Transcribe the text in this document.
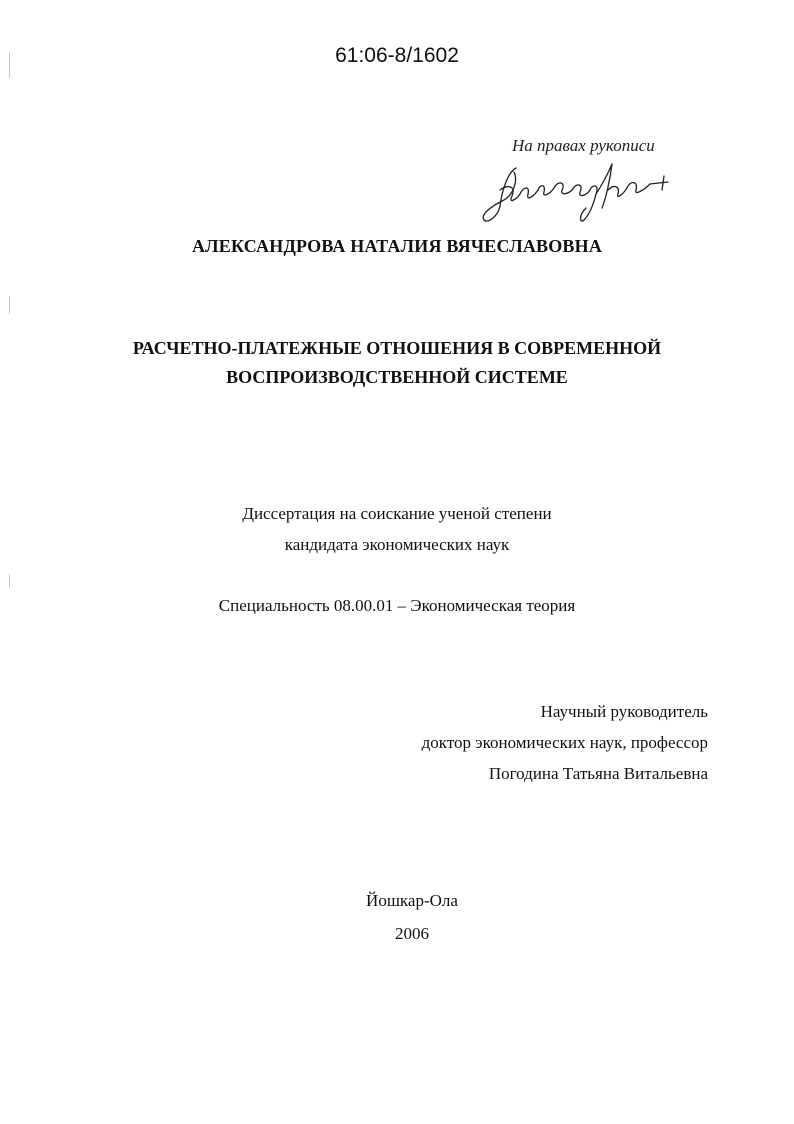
61:06-8/1602
На правах рукописи
АЛЕКСАНДРОВА НАТАЛИЯ ВЯЧЕСЛАВОВНА
РАСЧЕТНО-ПЛАТЕЖНЫЕ ОТНОШЕНИЯ В СОВРЕМЕННОЙ
ВОСПРОИЗВОДСТВЕННОЙ СИСТЕМЕ
Диссертация на соискание ученой степени
кандидата экономических наук
Специальность 08.00.01 – Экономическая теория
Научный руководитель
доктор экономических наук, профессор
Погодина Татьяна Витальевна
Йошкар-Ола
2006
